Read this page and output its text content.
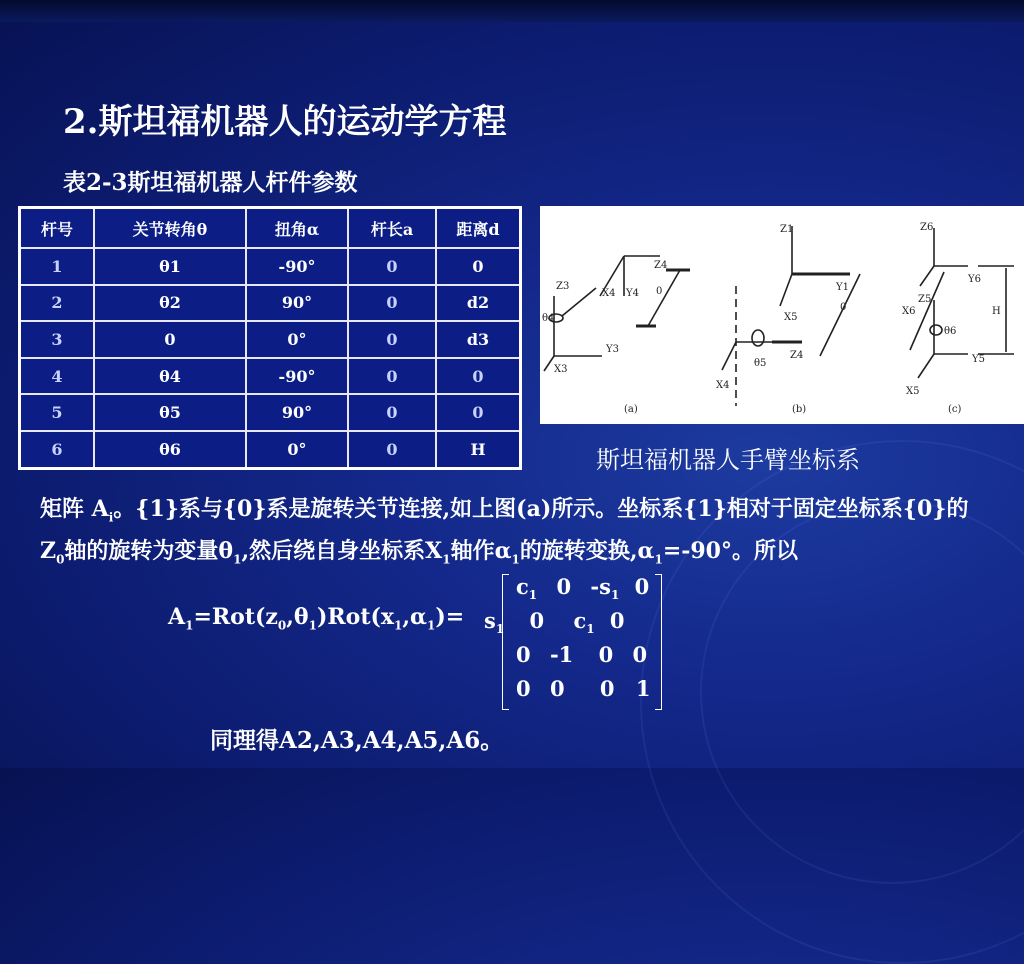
2.斯坦福机器人的运动学方程
表2-3斯坦福机器人杆件参数
杆号	关节转角θ	扭角α	杆长a	距离d
1	θ1	-90°	0	0
2	θ2	90°	0	d2
3	0	0°	0	d3
4	θ4	-90°	0	0
5	θ5	90°	0	0
6	θ6	0°	0	H
Z3
X4 Y4
Z4
0
θ4
Y3
X3
(a)
Z1
Y1
X5
0
θ5
Z4
X4
(b)
Z6
Y6
X6
Z5
θ6
H
Y5
X5
(c)
斯坦福机器人手臂坐标系
矩阵 $A_i$。{1}系与{0}系是旋转关节连接,如上图(a)所示。坐标系{1}相对于固定坐标系{0}的$Z_0$轴的旋转为变量$\theta_1$,然后绕自身坐标系$X_1$轴作$\alpha_1$的旋转变换$,\alpha_1=-90^\circ$。所以
$A_1=Rot(z_0,\theta_1)Rot(x_1,\alpha_1)=$
$c_1$ 0 $-s_1$ 0
$s_1$ 0 $c_1$ 0
0 -1 0 0
0 0 0 1
同理得A2,A3,A4,A5,A6。
